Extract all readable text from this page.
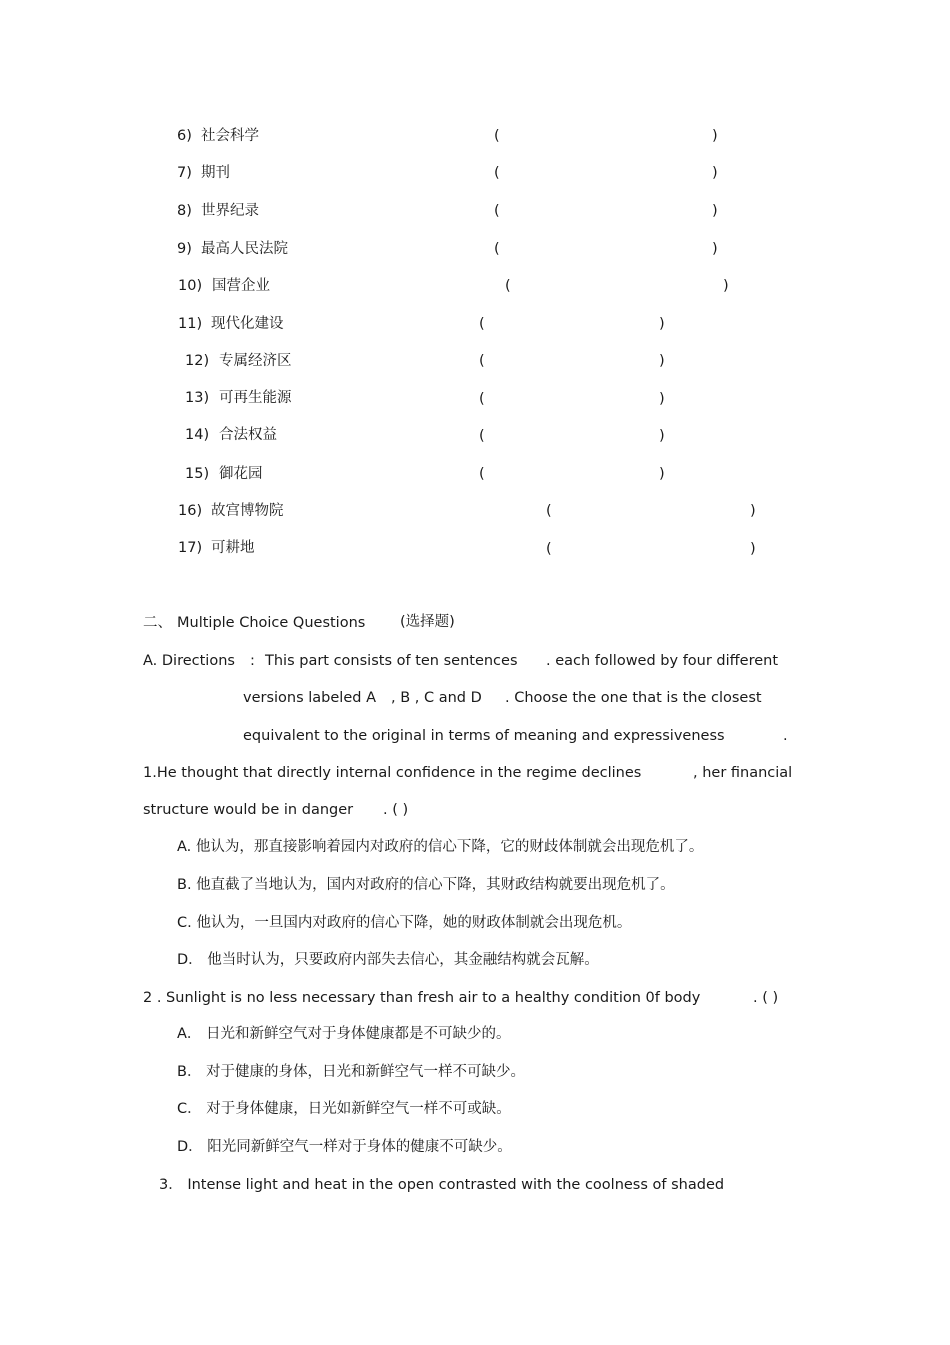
6) 社会科学	(	)
7) 期刊	(	)
8) 世界纪录	(	)
9) 最高人民法院	(	)
10) 国营企业	(	)
11) 现代化建设	(	)
12) 专属经济区	(	)
13) 可再生能源	(	)
14) 合法权益	(	)
15) 御花园	(	)
16) 故宫博物院	(	)
17) 可耕地	(	)
二、 Multiple Choice Questions (选择题)
A. Directions : This part consists of ten sentences . each followed by four different
versions labeled A , B , C and D . Choose the one that is the closest
equivalent to the original in terms of meaning and expressiveness	.
1.He thought that directly internal confidence in the regime declines	, her financial
structure would be in danger . ( )
A. 他认为，那直接影响着园内对政府的信心下降，它的财歧体制就会出现危机了。
B. 他直截了当地认为，国内对政府的信心下降，其财政结构就要出现危机了。
C. 他认为，一旦国内对政府的信心下降，她的财政体制就会出现危机。
D． 他当时认为，只要政府内部失去信心，其金融结构就会瓦解。
2 . Sunlight is no less necessary than fresh air to a healthy condition 0f body	. ( )
A． 日光和新鲜空气对于身体健康都是不可缺少的。
B． 对于健康的身体，日光和新鲜空气一样不可缺少。
C． 对于身体健康，日光如新鲜空气一样不可或缺。
D． 阳光同新鲜空气一样对于身体的健康不可缺少。
3． Intense light and heat in the open contrasted with the coolness of shaded
